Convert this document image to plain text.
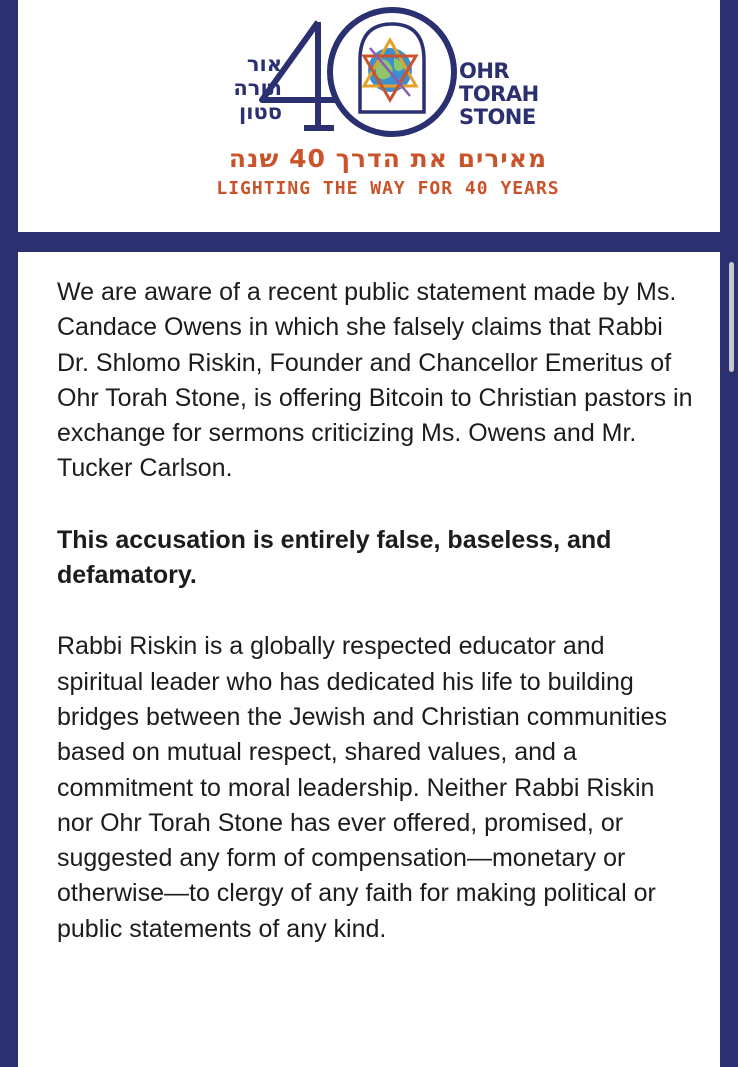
אור
תורה
סטון
OHR
TORAH
STONE
מאירים את הדרך 40 שנה
LIGHTING THE WAY FOR 40 YEARS

We are aware of a recent public statement made by Ms. Candace Owens in which she falsely claims that Rabbi Dr. Shlomo Riskin, Founder and Chancellor Emeritus of Ohr Torah Stone, is offering Bitcoin to Christian pastors in exchange for sermons criticizing Ms. Owens and Mr. Tucker Carlson.

This accusation is entirely false, baseless, and defamatory.

Rabbi Riskin is a globally respected educator and spiritual leader who has dedicated his life to building bridges between the Jewish and Christian communities based on mutual respect, shared values, and a commitment to moral leadership. Neither Rabbi Riskin nor Ohr Torah Stone has ever offered, promised, or suggested any form of compensation—monetary or otherwise—to clergy of any faith for making political or public statements of any kind.
